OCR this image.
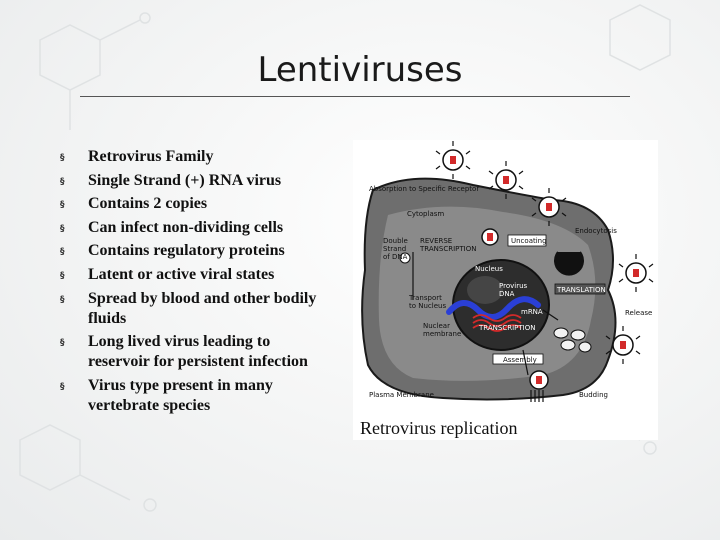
Lentiviruses
§ Retrovirus Family
§ Single Strand (+) RNA virus
§ Contains 2 copies
§ Can infect non-dividing cells
§ Contains regulatory proteins
§ Latent or active viral states
§ Spread by blood and other bodily fluids
§ Long lived virus leading to reservoir for persistent infection
§ Virus type present in many vertebrate species
Absorption to Specific Receptor
Cytoplasm
Endocytosis
Uncoating
Double
Strand
of DNA
REVERSE
TRANSCRIPTION
Nucleus
Provirus
DNA	TRANSLATION
Transport
to Nucleus
mRNA	Release
Nuclear
membrane
TRANSCRIPTION
Assembly
Plasma Membrane	Budding
Retrovirus replication
